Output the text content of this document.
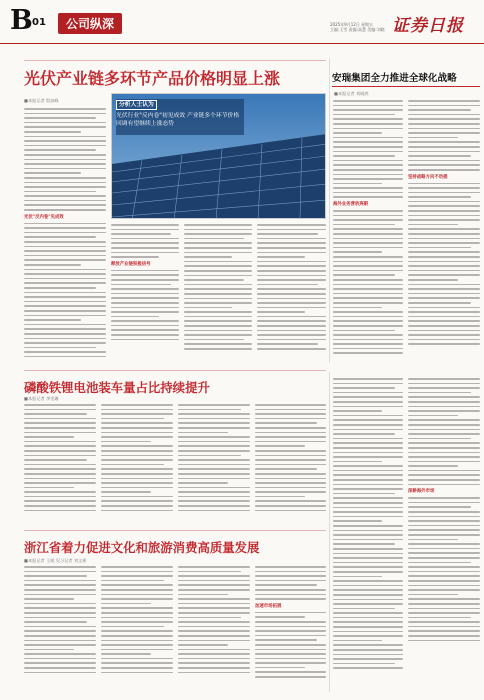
B 01	公司纵深	2025年9月12日 星期五
主编:王雪 责编:高慧 美编:刘晓 证券日报
光伏产业链多环节产品价格明显上涨
■本报记者 殷高峰
光伏"反内卷"见成效
分析人士认为
光伏行业"反内卷"初见成效 产业链多个环节价格回调有望继续上涨态势
释放产业链积极信号
安瑞集团全力推进全球化战略
■本报记者 刘晓鸿
海外业务营收亮眼
坚持战略方向不动摇
磷酸铁锂电池装车量占比持续提升
■本报记者 李雯珊
深耕海外市场
浙江省着力促进文化和旅游消费高质量发展
■本报记者 王媛 见习记者 刘文彬
加速市场拓展
